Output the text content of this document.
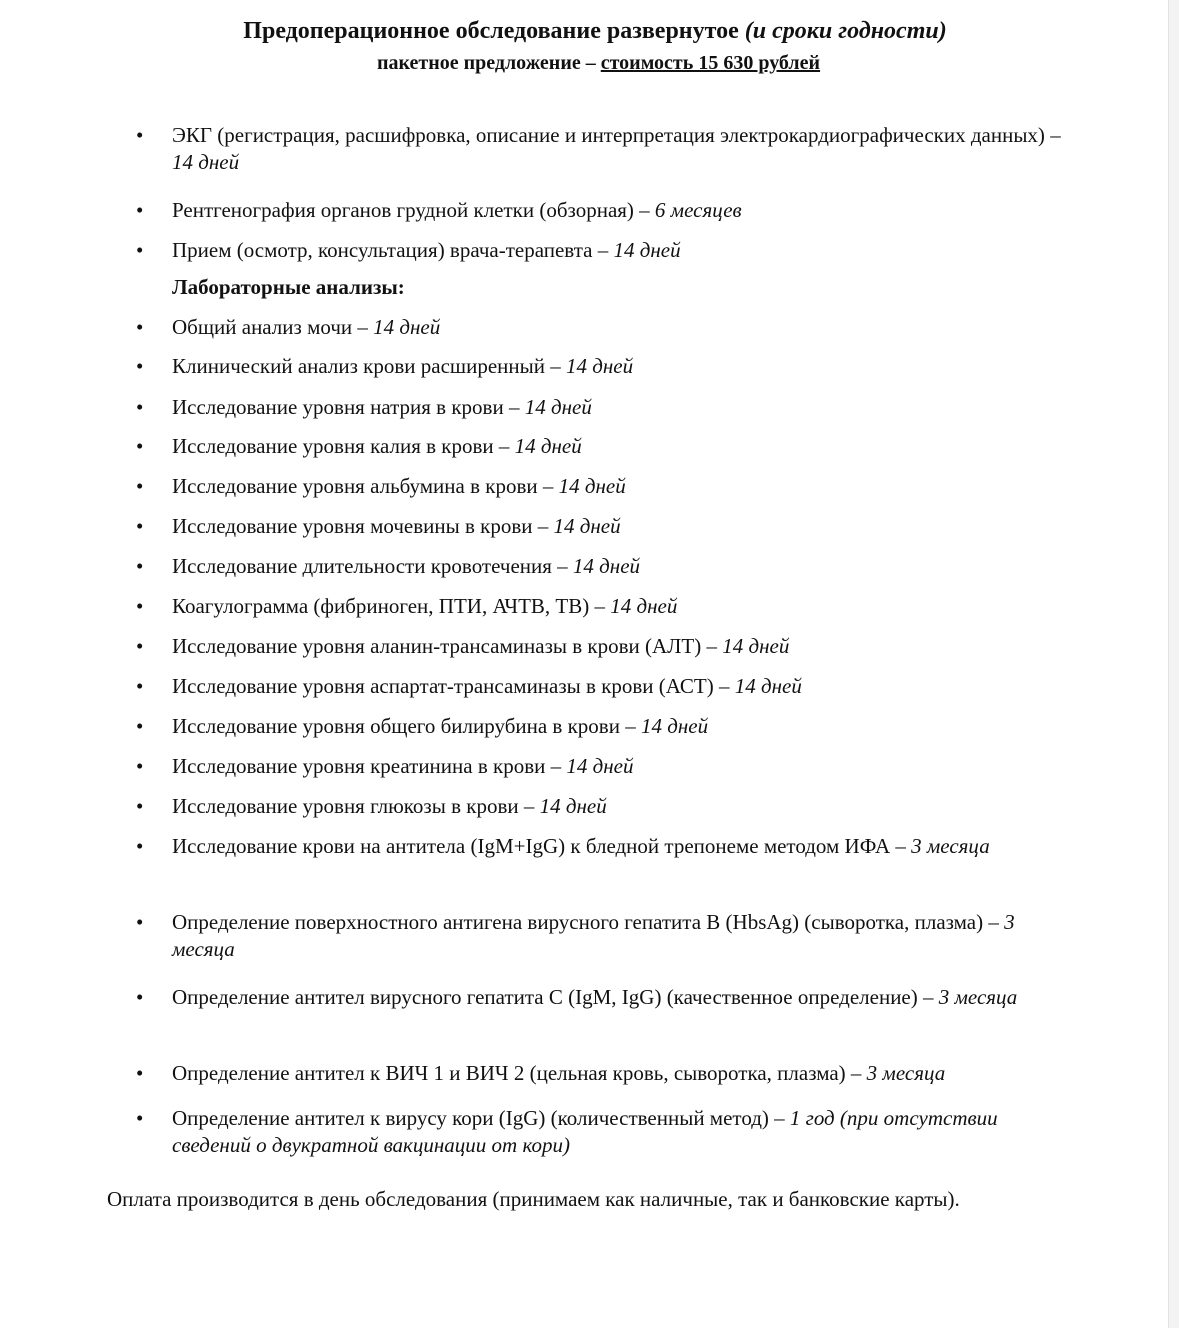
Предоперационное обследование развернутое (и сроки годности)

пакетное предложение – стоимость 15 630 рублей

•	ЭКГ (регистрация, расшифровка, описание и интерпретация электрокардиографических данных) – 14 дней

•	Рентгенография органов грудной клетки (обзорная) – 6 месяцев

•	Прием (осмотр, консультация) врача-терапевта – 14 дней

Лабораторные анализы:

•	Общий анализ мочи – 14 дней

•	Клинический анализ крови расширенный – 14 дней

•	Исследование уровня натрия в крови – 14 дней

•	Исследование уровня калия в крови – 14 дней

•	Исследование уровня альбумина в крови – 14 дней

•	Исследование уровня мочевины в крови – 14 дней

•	Исследование длительности кровотечения – 14 дней

•	Коагулограмма (фибриноген, ПТИ, АЧТВ, ТВ) – 14 дней

•	Исследование уровня аланин-трансаминазы в крови (АЛТ) – 14 дней

•	Исследование уровня аспартат-трансаминазы в крови (АСТ) – 14 дней

•	Исследование уровня общего билирубина в крови – 14 дней

•	Исследование уровня креатинина в крови – 14 дней

•	Исследование уровня глюкозы в крови – 14 дней

•	Исследование крови на антитела (IgM+IgG) к бледной трепонеме методом ИФА – 3 месяца

•	Определение поверхностного антигена вирусного гепатита В (HbsAg) (сыворотка, плазма) – 3 месяца

•	Определение антител вирусного гепатита С (IgM, IgG) (качественное определение) – 3 месяца

•	Определение антител к ВИЧ 1 и ВИЧ 2 (цельная кровь, сыворотка, плазма) – 3 месяца

•	Определение антител к вирусу кори (IgG) (количественный метод) – 1 год (при отсутствии сведений о двукратной вакцинации от кори)

Оплата производится в день обследования (принимаем как наличные, так и банковские карты).
